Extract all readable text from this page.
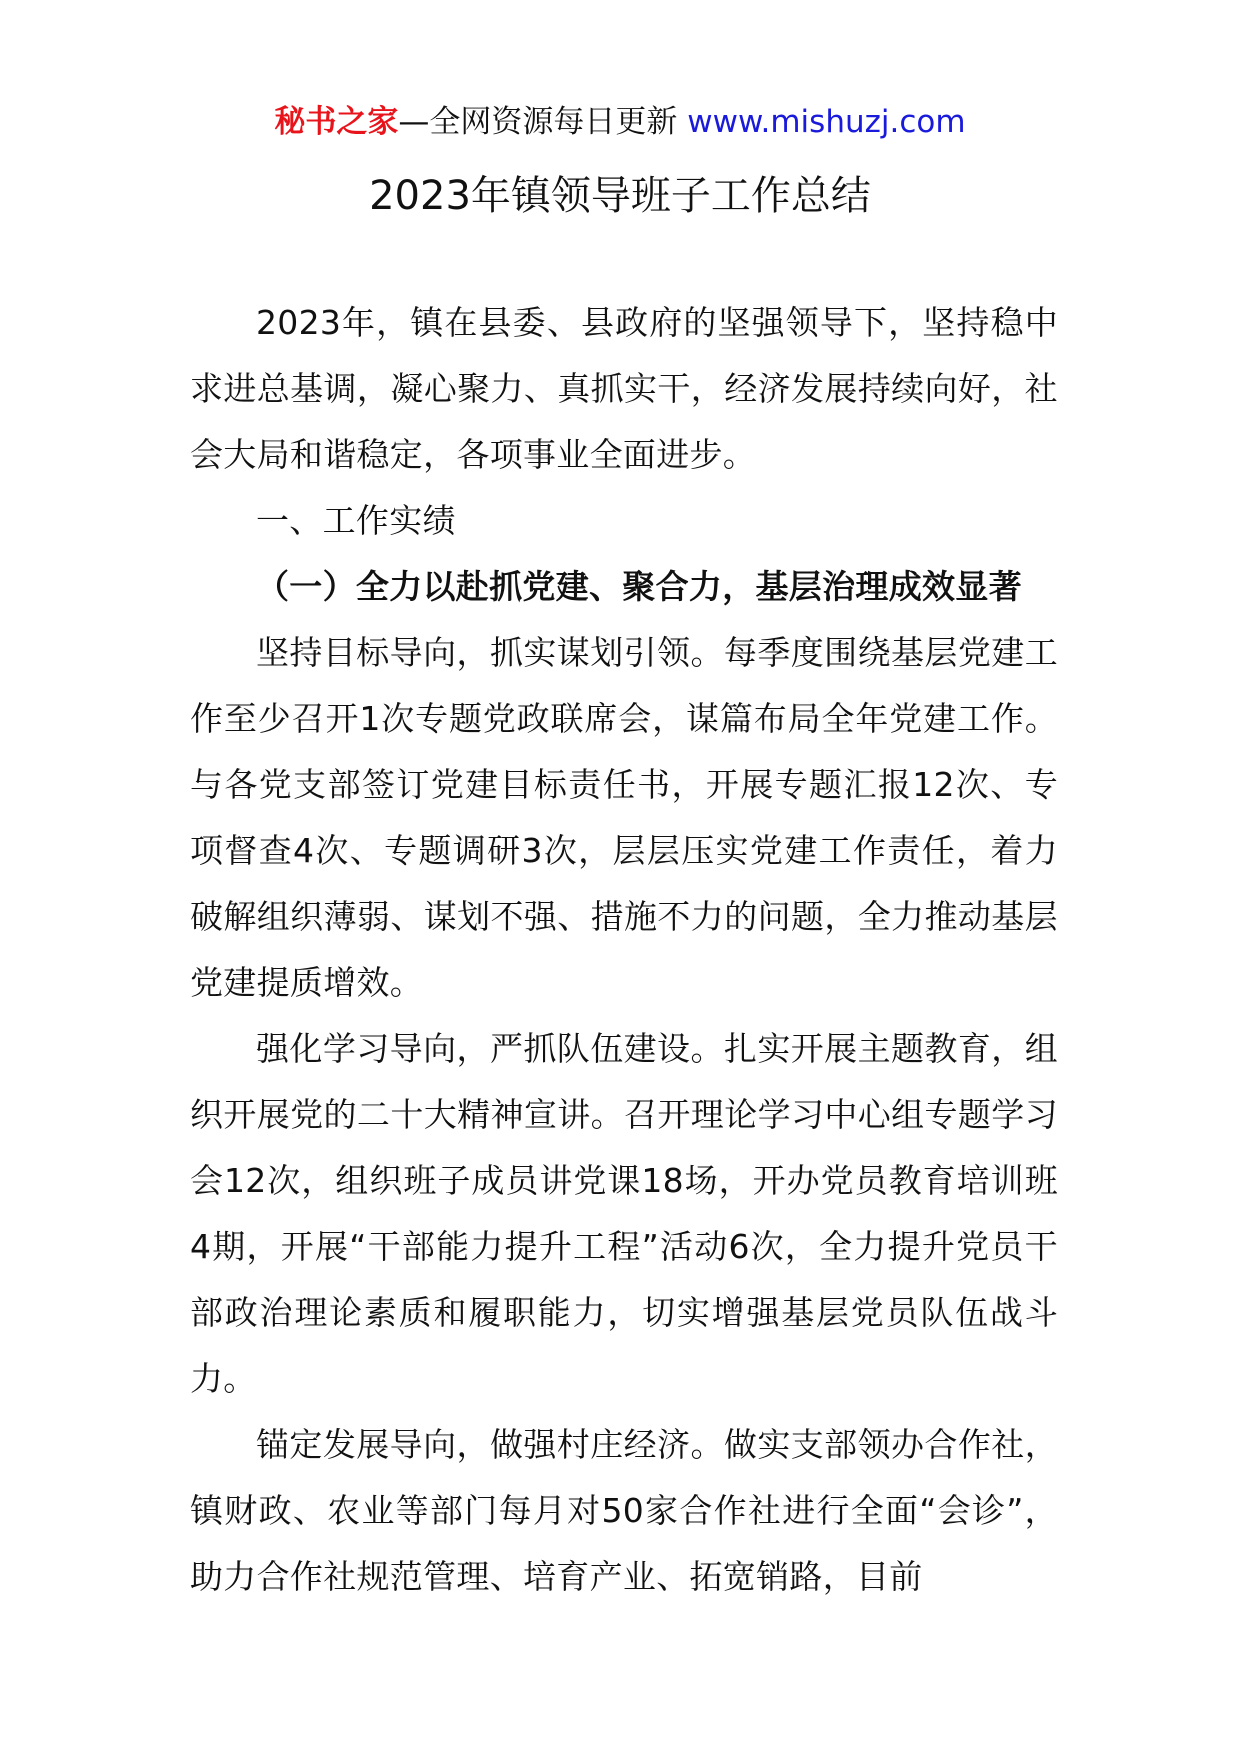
秘书之家—全网资源每日更新 www.mishuzj.com
2023年镇领导班子工作总结

2023年，镇在县委、县政府的坚强领导下，坚持稳中求进总基调，凝心聚力、真抓实干，经济发展持续向好，社会大局和谐稳定，各项事业全面进步。

一、工作实绩

（一）全力以赴抓党建、聚合力，基层治理成效显著

坚持目标导向，抓实谋划引领。每季度围绕基层党建工作至少召开1次专题党政联席会，谋篇布局全年党建工作。与各党支部签订党建目标责任书，开展专题汇报12次、专项督查4次、专题调研3次，层层压实党建工作责任，着力破解组织薄弱、谋划不强、措施不力的问题，全力推动基层党建提质增效。

强化学习导向，严抓队伍建设。扎实开展主题教育，组织开展党的二十大精神宣讲。召开理论学习中心组专题学习会12次，组织班子成员讲党课18场，开办党员教育培训班4期，开展“干部能力提升工程”活动6次，全力提升党员干部政治理论素质和履职能力，切实增强基层党员队伍战斗力。

锚定发展导向，做强村庄经济。做实支部领办合作社，镇财政、农业等部门每月对50家合作社进行全面“会诊”，助力合作社规范管理、培育产业、拓宽销路，目前
